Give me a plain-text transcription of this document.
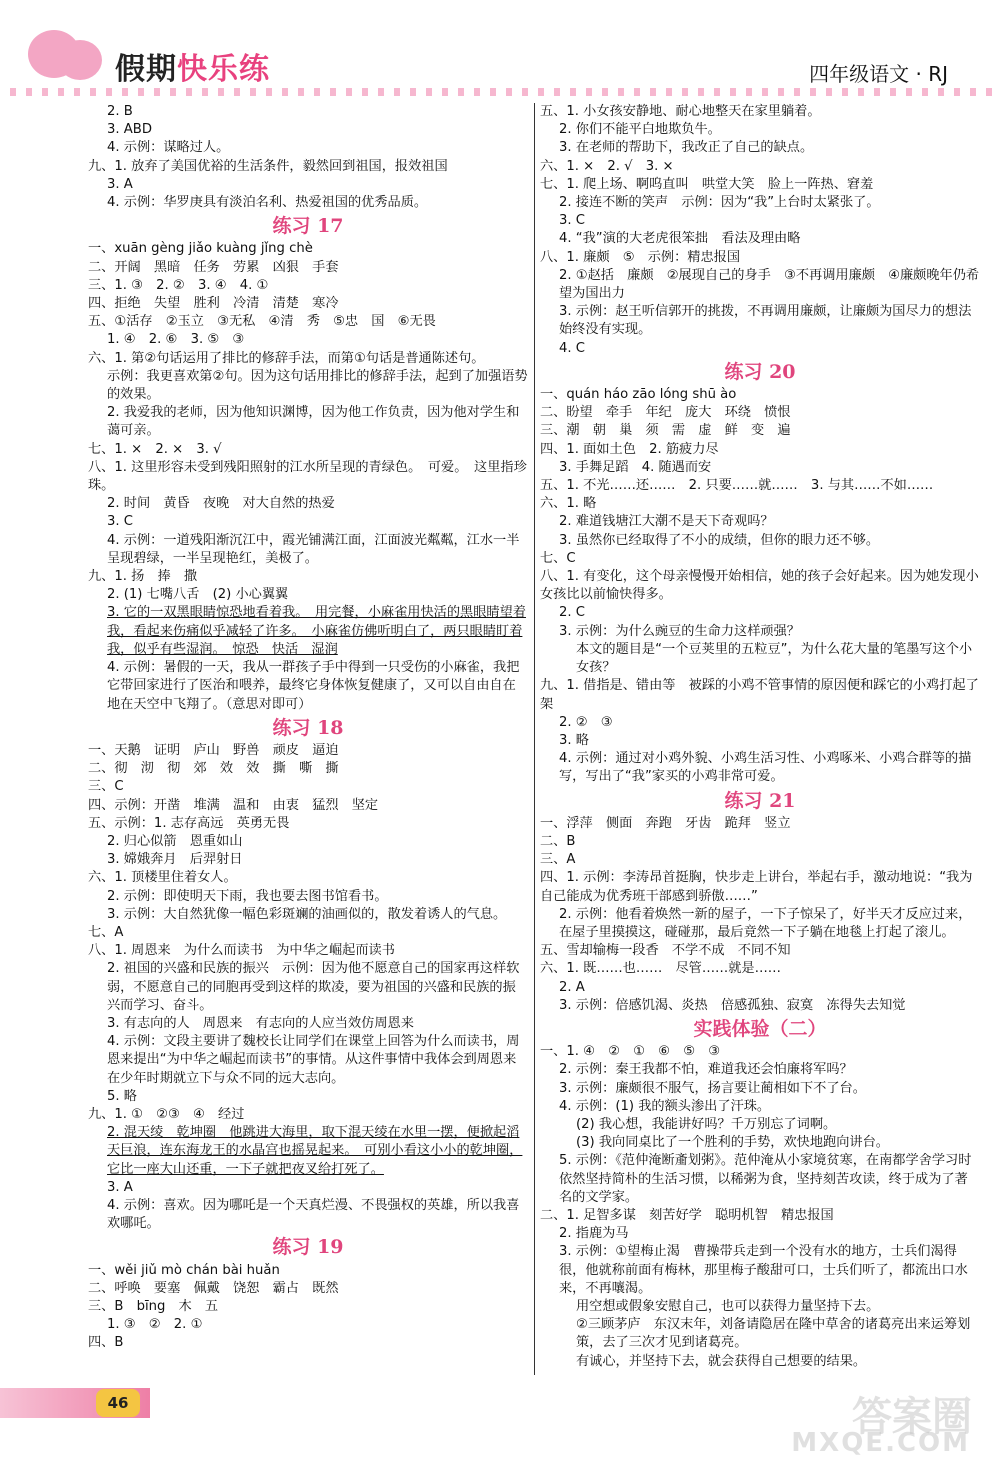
假期快乐练	四年级语文 · RJ
2. B
3. ABD
4. 示例：谋略过人。
九、1. 放弃了美国优裕的生活条件，毅然回到祖国，报效祖国
3. A
4. 示例：华罗庚具有淡泊名利、热爱祖国的优秀品质。
练习 17
一、xuān gèng jiǎo kuàng jǐng chè
二、开阔　黑暗　任务　劳累　凶狠　手套
三、1. ③　2. ②　3. ④　4. ①
四、拒绝　失望　胜利　冷清　清楚　寒冷
五、①活存　②玉立　③无私　④清　秀　⑤忠　国　⑥无畏
1. ④　2. ⑥　3. ⑤　③
六、1. 第②句话运用了排比的修辞手法，而第①句话是普通陈述句。
示例：我更喜欢第②句。因为这句话用排比的修辞手法，起到了加强语势的效果。
2. 我爱我的老师，因为他知识渊博，因为他工作负责，因为他对学生和蔼可亲。
七、1. ×　2. ×　3. √
八、1. 这里形容未受到残阳照射的江水所呈现的青绿色。　可爱。　这里指珍珠。
2. 时间　黄昏　夜晚　对大自然的热爱
3. C
4. 示例：一道残阳渐沉江中，霞光铺满江面，江面波光粼粼，江水一半呈现碧绿，一半呈现艳红，美极了。
九、1. 扬　捧　撒
2. (1) 七嘴八舌　(2) 小心翼翼
3. 它的一双黑眼睛惊恐地看着我。　用完餐，小麻雀用快活的黑眼睛望着我，看起来伤痛似乎减轻了许多。　小麻雀仿佛听明白了，两只眼睛盯着我，似乎有些湿润。　惊恐　快活　湿润
4. 示例：暑假的一天，我从一群孩子手中得到一只受伤的小麻雀，我把它带回家进行了医治和喂养，最终它身体恢复健康了，又可以自由自在地在天空中飞翔了。（意思对即可）
练习 18
一、天鹅　证明　庐山　野兽　顽皮　逼迫
二、彻　沏　彻　郊　效　效　撕　嘶　撕
三、C
四、示例：开凿　堆满　温和　由衷　猛烈　坚定
五、示例：1. 志存高远　英勇无畏
2. 归心似箭　恩重如山
3. 嫦娥奔月　后羿射日
六、1. 顶楼里住着女人。
2. 示例：即使明天下雨，我也要去图书馆看书。
3. 示例：大自然犹像一幅色彩斑斓的油画似的，散发着诱人的气息。
七、A
八、1. 周恩来　为什么而读书　为中华之崛起而读书
2. 祖国的兴盛和民族的振兴　示例：因为他不愿意自己的国家再这样软弱，不愿意自己的同胞再受到这样的欺凌，要为祖国的兴盛和民族的振兴而学习、奋斗。
3. 有志向的人　周恩来　有志向的人应当效仿周恩来
4. 示例：文段主要讲了魏校长让同学们在课堂上回答为什么而读书，周恩来提出“为中华之崛起而读书”的事情。从这件事情中我体会到周恩来在少年时期就立下与众不同的远大志向。
5. 略
九、1. ①　②③　④　经过
2. 混天绫　乾坤圈　他跳进大海里，取下混天绫在水里一摆，便掀起滔天巨浪，连东海龙王的水晶宫也摇晃起来。　可别小看这小小的乾坤圈，它比一座大山还重，一下子就把夜叉给打死了。
3. A
4. 示例：喜欢。因为哪吒是一个天真烂漫、不畏强权的英雄，所以我喜欢哪吒。
练习 19
一、wěi jiǔ mò chán bài huǎn
二、呼唤　要塞　佩戴　饶恕　霸占　既然
三、B　bīng　木　五
1. ③　②　2. ①
四、B
五、1. 小女孩安静地、耐心地整天在家里躺着。
2. 你们不能平白地欺负牛。
3. 在老师的帮助下，我改正了自己的缺点。
六、1. ×　2. √　3. ×
七、1. 爬上场、啊呜直叫　哄堂大笑　脸上一阵热、窘羞
2. 接连不断的笑声　示例：因为“我”上台时太紧张了。
3. C
4. “我”演的大老虎很笨拙　看法及理由略
八、1. 廉颇　⑤　示例：精忠报国
2. ①赵括　廉颇　②展现自己的身手　③不再调用廉颇　④廉颇晚年仍希望为国出力
3. 示例：赵王听信郭开的挑拨，不再调用廉颇，让廉颇为国尽力的想法始终没有实现。
4. C
练习 20
一、quán háo zāo lóng shū ào
二、盼望　牵手　年纪　庞大　环绕　愤恨
三、潮　朝　巢　须　需　虚　鲜　变　遍
四、1. 面如土色　2. 筋疲力尽
3. 手舞足蹈　4. 随遇而安
五、1. 不光……还……　2. 只要……就……　3. 与其……不如……
六、1. 略
2. 难道钱塘江大潮不是天下奇观吗？
3. 虽然你已经取得了不小的成绩，但你的眼力还不够。
七、C
八、1. 有变化，这个母亲慢慢开始相信，她的孩子会好起来。因为她发现小女孩比以前愉快得多。
2. C
3. 示例：为什么豌豆的生命力这样顽强？
本文的题目是“一个豆荚里的五粒豆”，为什么花大量的笔墨写这个小女孩？
九、1. 借指是、错由等　被踩的小鸡不管事情的原因便和踩它的小鸡打起了架
2. ②　③
3. 略
4. 示例：通过对小鸡外貌、小鸡生活习性、小鸡啄米、小鸡合群等的描写，写出了“我”家买的小鸡非常可爱。
练习 21
一、浮萍　侧面　奔跑　牙齿　跪拜　竖立
二、B
三、A
四、1. 示例：李涛昂首挺胸，快步走上讲台，举起右手，激动地说：“我为自己能成为优秀班干部感到骄傲……”
2. 示例：他看着焕然一新的屋子，一下子惊呆了，好半天才反应过来，在屋子里摸摸这，碰碰那，最后竟然一下子躺在地毯上打起了滚儿。
五、雪却输梅一段香　不学不成　不同不知
六、1. 既……也……　尽管……就是……
2. A
3. 示例：倍感饥渴、炎热　倍感孤独、寂寞　冻得失去知觉
实践体验（二）
一、1. ④　②　①　⑥　⑤　③
2. 示例：秦王我都不怕，难道我还会怕廉将军吗？
3. 示例：廉颇很不服气，扬言要让蔺相如下不了台。
4. 示例：(1) 我的额头渗出了汗珠。
(2) 我心想，我能讲好吗？千万别忘了词啊。
(3) 我向同桌比了一个胜利的手势，欢快地跑向讲台。
5. 示例：《范仲淹断齑划粥》。范仲淹从小家境贫寒，在南都学舍学习时依然坚持简朴的生活习惯，以稀粥为食，坚持刻苦攻读，终于成为了著名的文学家。
二、1. 足智多谋　刻苦好学　聪明机智　精忠报国
2. 指鹿为马
3. 示例：①望梅止渴　曹操带兵走到一个没有水的地方，士兵们渴得很，他就称前面有梅林，那里梅子酸甜可口，士兵们听了，都流出口水来，不再嚷渴。
用空想或假象安慰自己，也可以获得力量坚持下去。
②三顾茅庐　东汉末年，刘备请隐居在隆中草舍的诸葛亮出来运筹划策，去了三次才见到诸葛亮。
有诚心，并坚持下去，就会获得自己想要的结果。
46	答案圈
MXQE.COM
